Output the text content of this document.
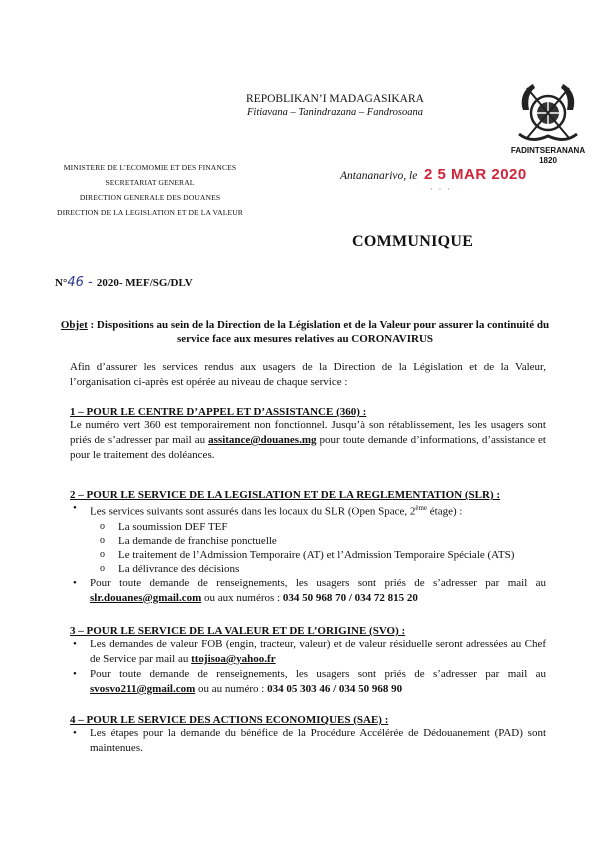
REPOBLIKAN’I MADAGASIKARA
Fitiavana – Tanindrazana – Fandrosoana
FADINTSERANANA
1820
MINISTERE DE L’ECOMOMIE ET DES FINANCES
SECRETARIAT GENERAL
DIRECTION GENERALE DES DOUANES
DIRECTION DE LA LEGISLATION ET DE LA VALEUR
Antananarivo, le 2 5 MAR 2020
···
COMMUNIQUE
N°46 - 2020- MEF/SG/DLV
Objet : Dispositions au sein de la Direction de la Législation et de la Valeur pour assurer la continuité du service face aux mesures relatives au CORONAVIRUS
Afin d’assurer les services rendus aux usagers de la Direction de la Législation et de la Valeur, l’organisation ci-après est opérée au niveau de chaque service :
1 – POUR LE CENTRE D’APPEL ET D’ASSISTANCE (360) :
Le numéro vert 360 est temporairement non fonctionnel. Jusqu’à son rétablissement, les les usagers sont priés de s’adresser par mail au assitance@douanes.mg pour toute demande d’informations, d’assistance et pour le traitement des doléances.
2 – POUR LE SERVICE DE LA LEGISLATION ET DE LA REGLEMENTATION (SLR) :
• Les services suivants sont assurés dans les locaux du SLR (Open Space, 2ème étage) :
o La soumission DEF TEF
o La demande de franchise ponctuelle
o Le traitement de l’Admission Temporaire (AT) et l’Admission Temporaire Spéciale (ATS)
o La délivrance des décisions
• Pour toute demande de renseignements, les usagers sont priés de s’adresser par mail au slr.douanes@gmail.com ou aux numéros : 034 50 968 70 / 034 72 815 20
3 – POUR LE SERVICE DE LA VALEUR ET DE L’ORIGINE (SVO) :
• Les demandes de valeur FOB (engin, tracteur, valeur) et de valeur résiduelle seront adressées au Chef de Service par mail au ttojisoa@yahoo.fr
• Pour toute demande de renseignements, les usagers sont priés de s’adresser par mail au svosvo211@gmail.com ou au numéro : 034 05 303 46 / 034 50 968 90
4 – POUR LE SERVICE DES ACTIONS ECONOMIQUES (SAE) :
• Les étapes pour la demande du bénéfice de la Procédure Accélérée de Dédouanement (PAD) sont maintenues.
